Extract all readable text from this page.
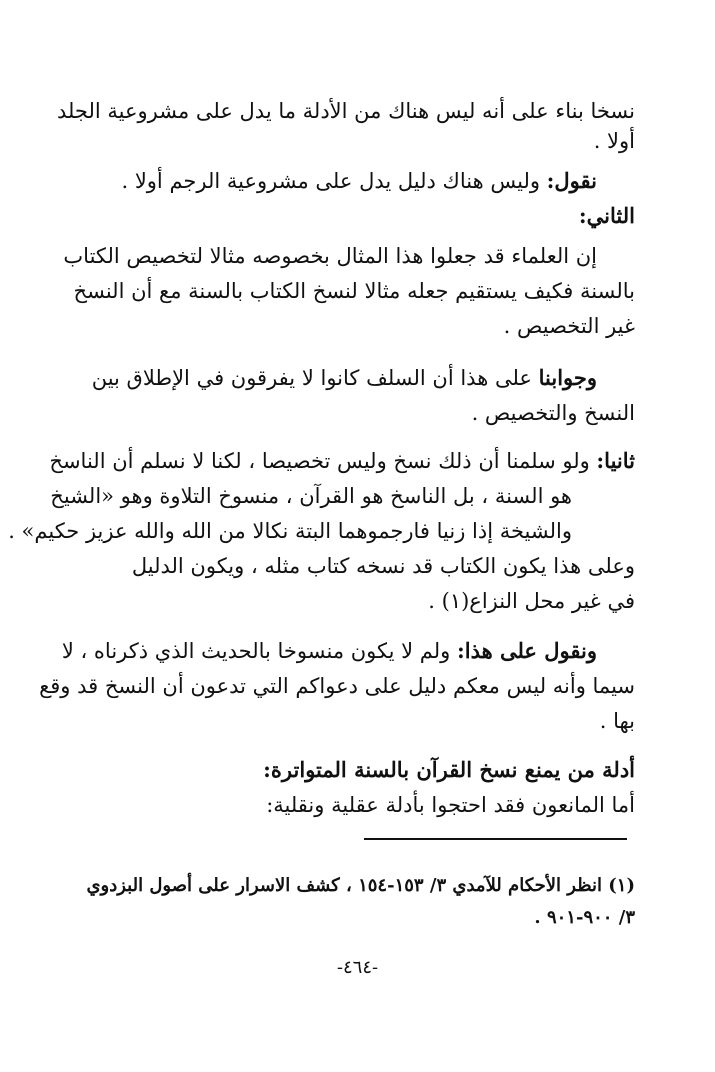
نسخا بناء على أنه ليس هناك من الأدلة ما يدل على مشروعية الجلد
أولا .
نقول: وليس هناك دليل يدل على مشروعية الرجم أولا .
الثاني:
إن العلماء قد جعلوا هذا المثال بخصوصه مثالا لتخصيص الكتاب
بالسنة فكيف يستقيم جعله مثالا لنسخ الكتاب بالسنة مع أن النسخ
غير التخصيص .
وجوابنا على هذا أن السلف كانوا لا يفرقون في الإطلاق بين
النسخ والتخصيص .
ثانيا: ولو سلمنا أن ذلك نسخ وليس تخصيصا ، لكنا لا نسلم أن الناسخ
هو السنة ، بل الناسخ هو القرآن ، منسوخ التلاوة وهو «الشيخ
والشيخة إذا زنيا فارجموهما البتة نكالا من الله والله عزيز حكيم» .
وعلى هذا يكون الكتاب قد نسخه كتاب مثله ، ويكون الدليل
في غير محل النزاع(١) .
ونقول على هذا: ولم لا يكون منسوخا بالحديث الذي ذكرناه ، لا
سيما وأنه ليس معكم دليل على دعواكم التي تدعون أن النسخ قد وقع
بها .
أدلة من يمنع نسخ القرآن بالسنة المتواترة:
أما المانعون فقد احتجوا بأدلة عقلية ونقلية:
(١) انظر الأحكام للآمدي ٣/ ١٥٣-١٥٤ ، كشف الاسرار على أصول البزدوي
٣/ ٩٠٠-٩٠١ .
-٤٦٤-
